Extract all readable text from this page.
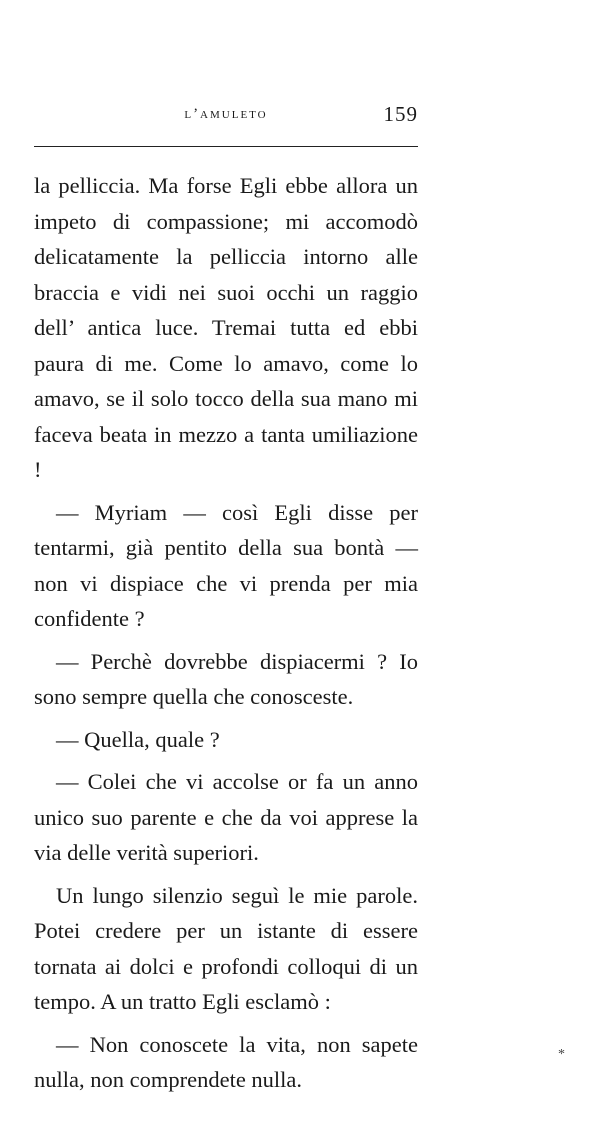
l’amuleto	159

la pelliccia. Ma forse Egli ebbe allora un impeto di compassione; mi accomodò delicatamente la pelliccia intorno alle braccia e vidi nei suoi occhi un raggio dell’ antica luce. Tremai tutta ed ebbi paura di me. Come lo amavo, come lo amavo, se il solo tocco della sua mano mi faceva beata in mezzo a tanta umiliazione !

— Myriam — così Egli disse per tentarmi, già pentito della sua bontà — non vi dispiace che vi prenda per mia confidente ?

— Perchè dovrebbe dispiacermi ? Io sono sempre quella che conosceste.

— Quella, quale ?

— Colei che vi accolse or fa un anno unico suo parente e che da voi apprese la via delle verità superiori.

Un lungo silenzio seguì le mie parole. Potei credere per un istante di essere tornata ai dolci e profondi colloqui di un tempo. A un tratto Egli esclamò :

— Non conoscete la vita, non sapete nulla, non comprendete nulla.

*
